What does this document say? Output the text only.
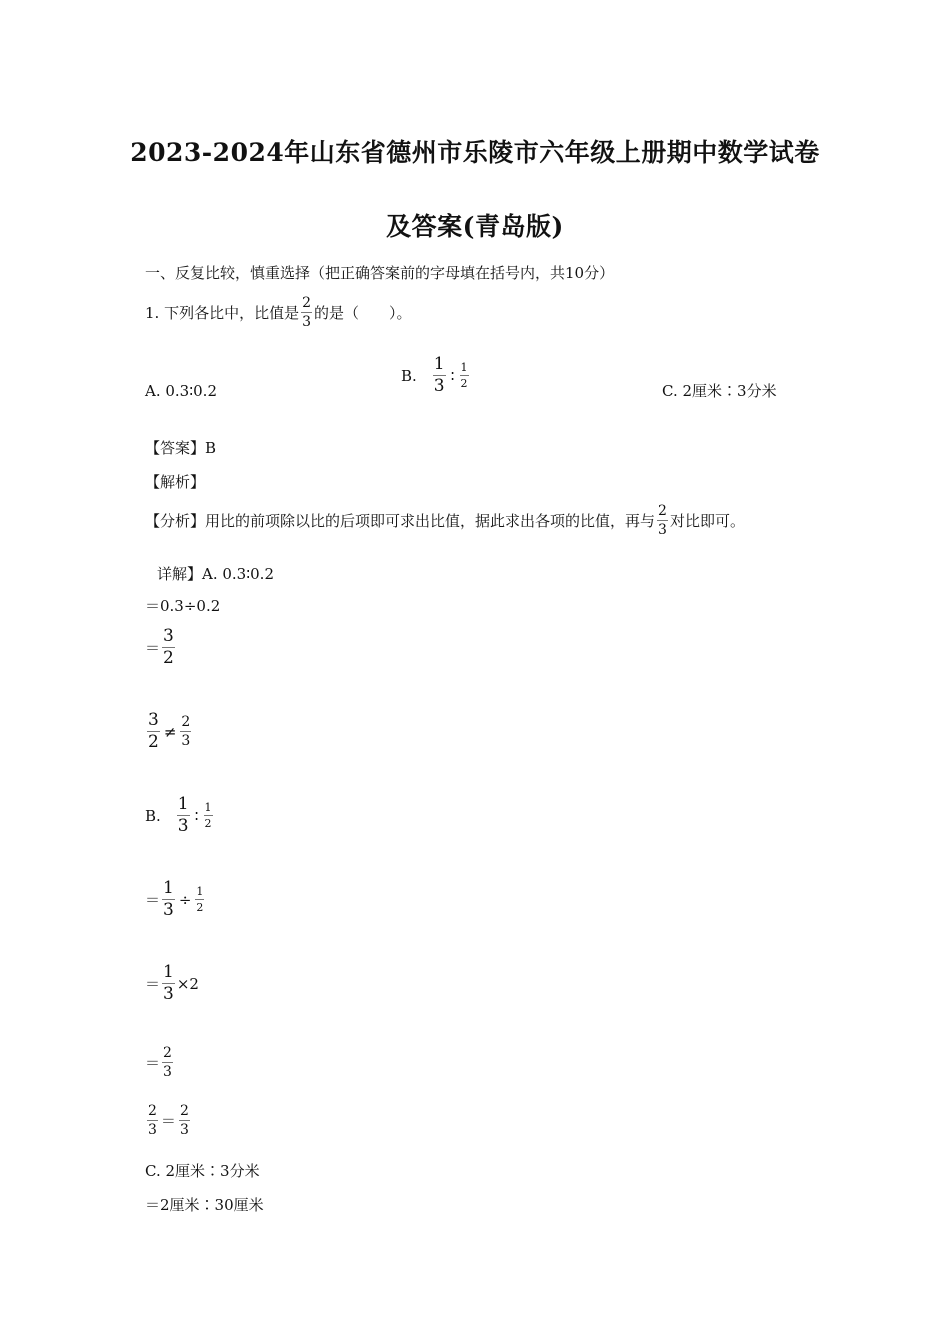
2023-2024年山东省德州市乐陵市六年级上册期中数学试卷
及答案(青岛版)
一、反复比较，慎重选择（把正确答案前的字母填在括号内，共10分）
1. 下列各比中，比值是 $\frac{2}{3}$ 的是（　　）。
A. 0.3∶0.2
B. $\frac{1}{3}$ ∶ $\frac{1}{2}$
C. 2厘米∶3分米
【答案】B
【解析】
【分析】用比的前项除以比的后项即可求出比值，据此求出各项的比值，再与 $\frac{2}{3}$ 对比即可。
详解】A. 0.3∶0.2
＝0.3÷0.2
＝ $\frac{3}{2}$
$\frac{3}{2} \ne \frac{2}{3}$
B. $\frac{1}{3}$ ∶ $\frac{1}{2}$
＝ $\frac{1}{3} \div \frac{1}{2}$
＝ $\frac{1}{3} \times 2$
＝ $\frac{2}{3}$
$\frac{2}{3} = \frac{2}{3}$
C. 2厘米∶3分米
＝2厘米∶30厘米
